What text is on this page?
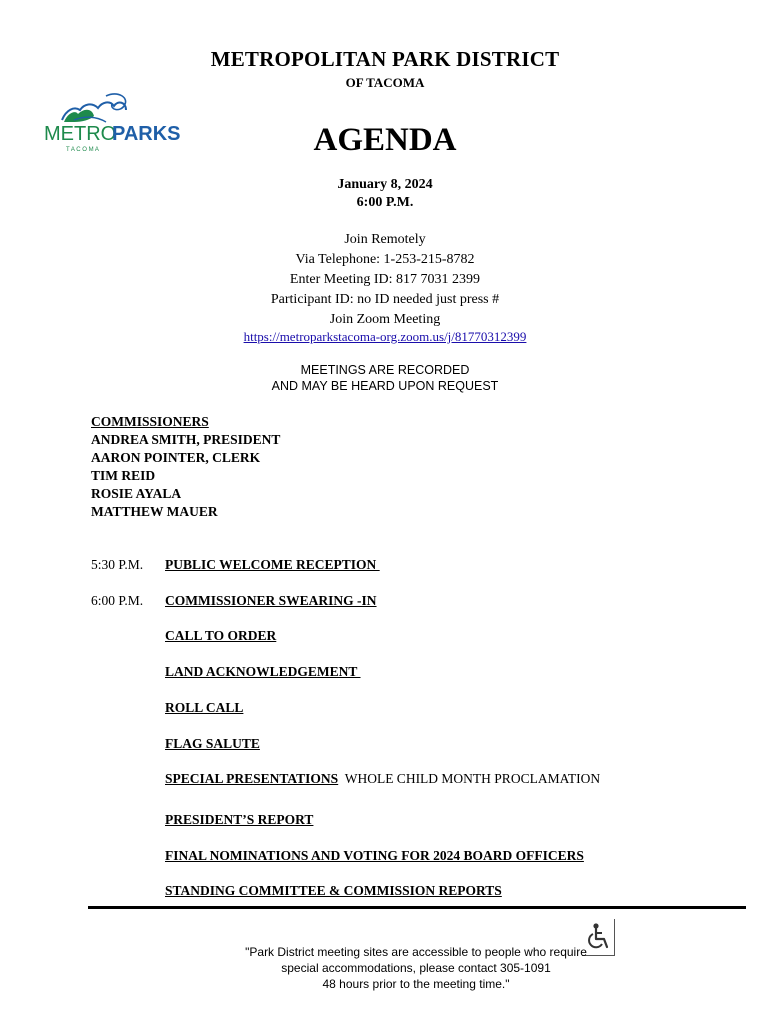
METROPOLITAN PARK DISTRICT
OF TACOMA
METRO
PARKS
T A C O M A	AGENDA
January 8, 2024
6:00 P.M.
Join Remotely
Via Telephone: 1-253-215-8782
Enter Meeting ID: 817 7031 2399
Participant ID: no ID needed just press #
Join Zoom Meeting
https://metroparkstacoma-org.zoom.us/j/81770312399
MEETINGS ARE RECORDED
AND MAY BE HEARD UPON REQUEST
COMMISSIONERS
ANDREA SMITH, PRESIDENT
AARON POINTER, CLERK
TIM REID
ROSIE AYALA
MATTHEW MAUER
5:30 P.M. PUBLIC WELCOME RECEPTION
6:00 P.M. COMMISSIONER SWEARING -IN
CALL TO ORDER
LAND ACKNOWLEDGEMENT
ROLL CALL
FLAG SALUTE
SPECIAL PRESENTATIONS WHOLE CHILD MONTH PROCLAMATION
PRESIDENT’S REPORT
FINAL NOMINATIONS AND VOTING FOR 2024 BOARD OFFICERS
STANDING COMMITTEE & COMMISSION REPORTS
"Park District meeting sites are accessible to people who require
special accommodations, please contact 305-1091
48 hours prior to the meeting time."
